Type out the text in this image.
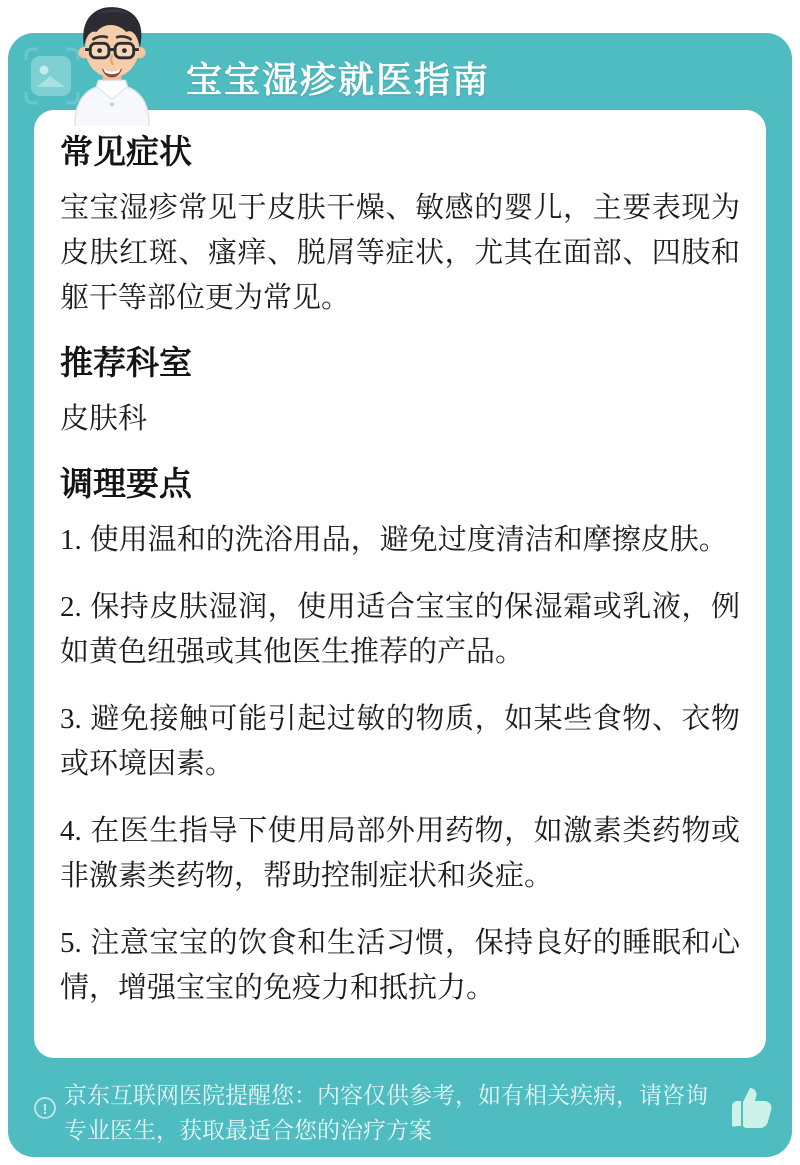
宝宝湿疹就医指南
常见症状

宝宝湿疹常见于皮肤干燥、敏感的婴儿，主要表现为皮肤红斑、瘙痒、脱屑等症状，尤其在面部、四肢和躯干等部位更为常见。

推荐科室

皮肤科

调理要点

1. 使用温和的洗浴用品，避免过度清洁和摩擦皮肤。

2. 保持皮肤湿润，使用适合宝宝的保湿霜或乳液，例如黄色纽强或其他医生推荐的产品。

3. 避免接触可能引起过敏的物质，如某些食物、衣物或环境因素。

4. 在医生指导下使用局部外用药物，如激素类药物或非激素类药物，帮助控制症状和炎症。

5. 注意宝宝的饮食和生活习惯，保持良好的睡眠和心情，增强宝宝的免疫力和抵抗力。

!
京东互联网医院提醒您：内容仅供参考，如有相关疾病，请咨询专业医生，获取最适合您的治疗方案
